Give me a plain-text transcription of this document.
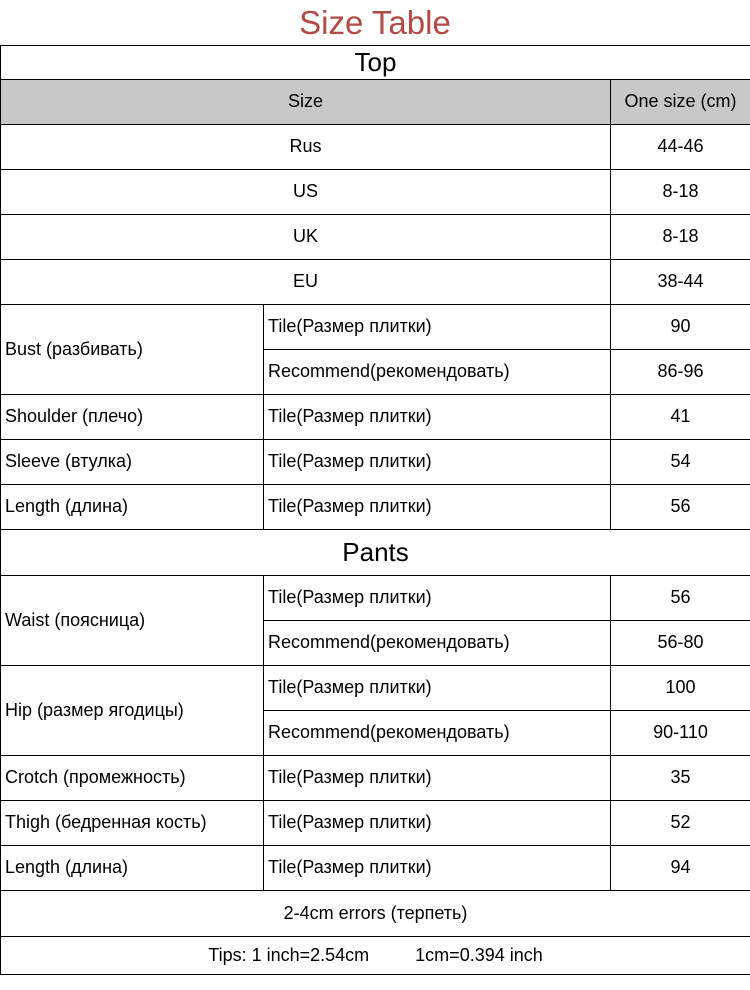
Size Table
Top		
Size		One size (cm)
Rus		44-46
US		8-18
UK		8-18
EU		38-44
Bust (разбивать)	Tile(Размер плитки)	90
	Recommend(рекомендовать)	86-96
Shoulder (плечо)	Tile(Размер плитки)	41
Sleeve (втулка)	Tile(Размер плитки)	54
Length (длина)	Tile(Размер плитки)	56
Pants		
Waist (поясница)	Tile(Размер плитки)	56
	Recommend(рекомендовать)	56-80
Hip (размер ягодицы)	Tile(Размер плитки)	100
	Recommend(рекомендовать)	90-110
Crotch (промежность)	Tile(Размер плитки)	35
Thigh (бедренная кость)	Tile(Размер плитки)	52
Length (длина)	Tile(Размер плитки)	94
2-4cm errors (терпеть)		
Tips: 1 inch=2.54cm 1cm=0.394 inch		
